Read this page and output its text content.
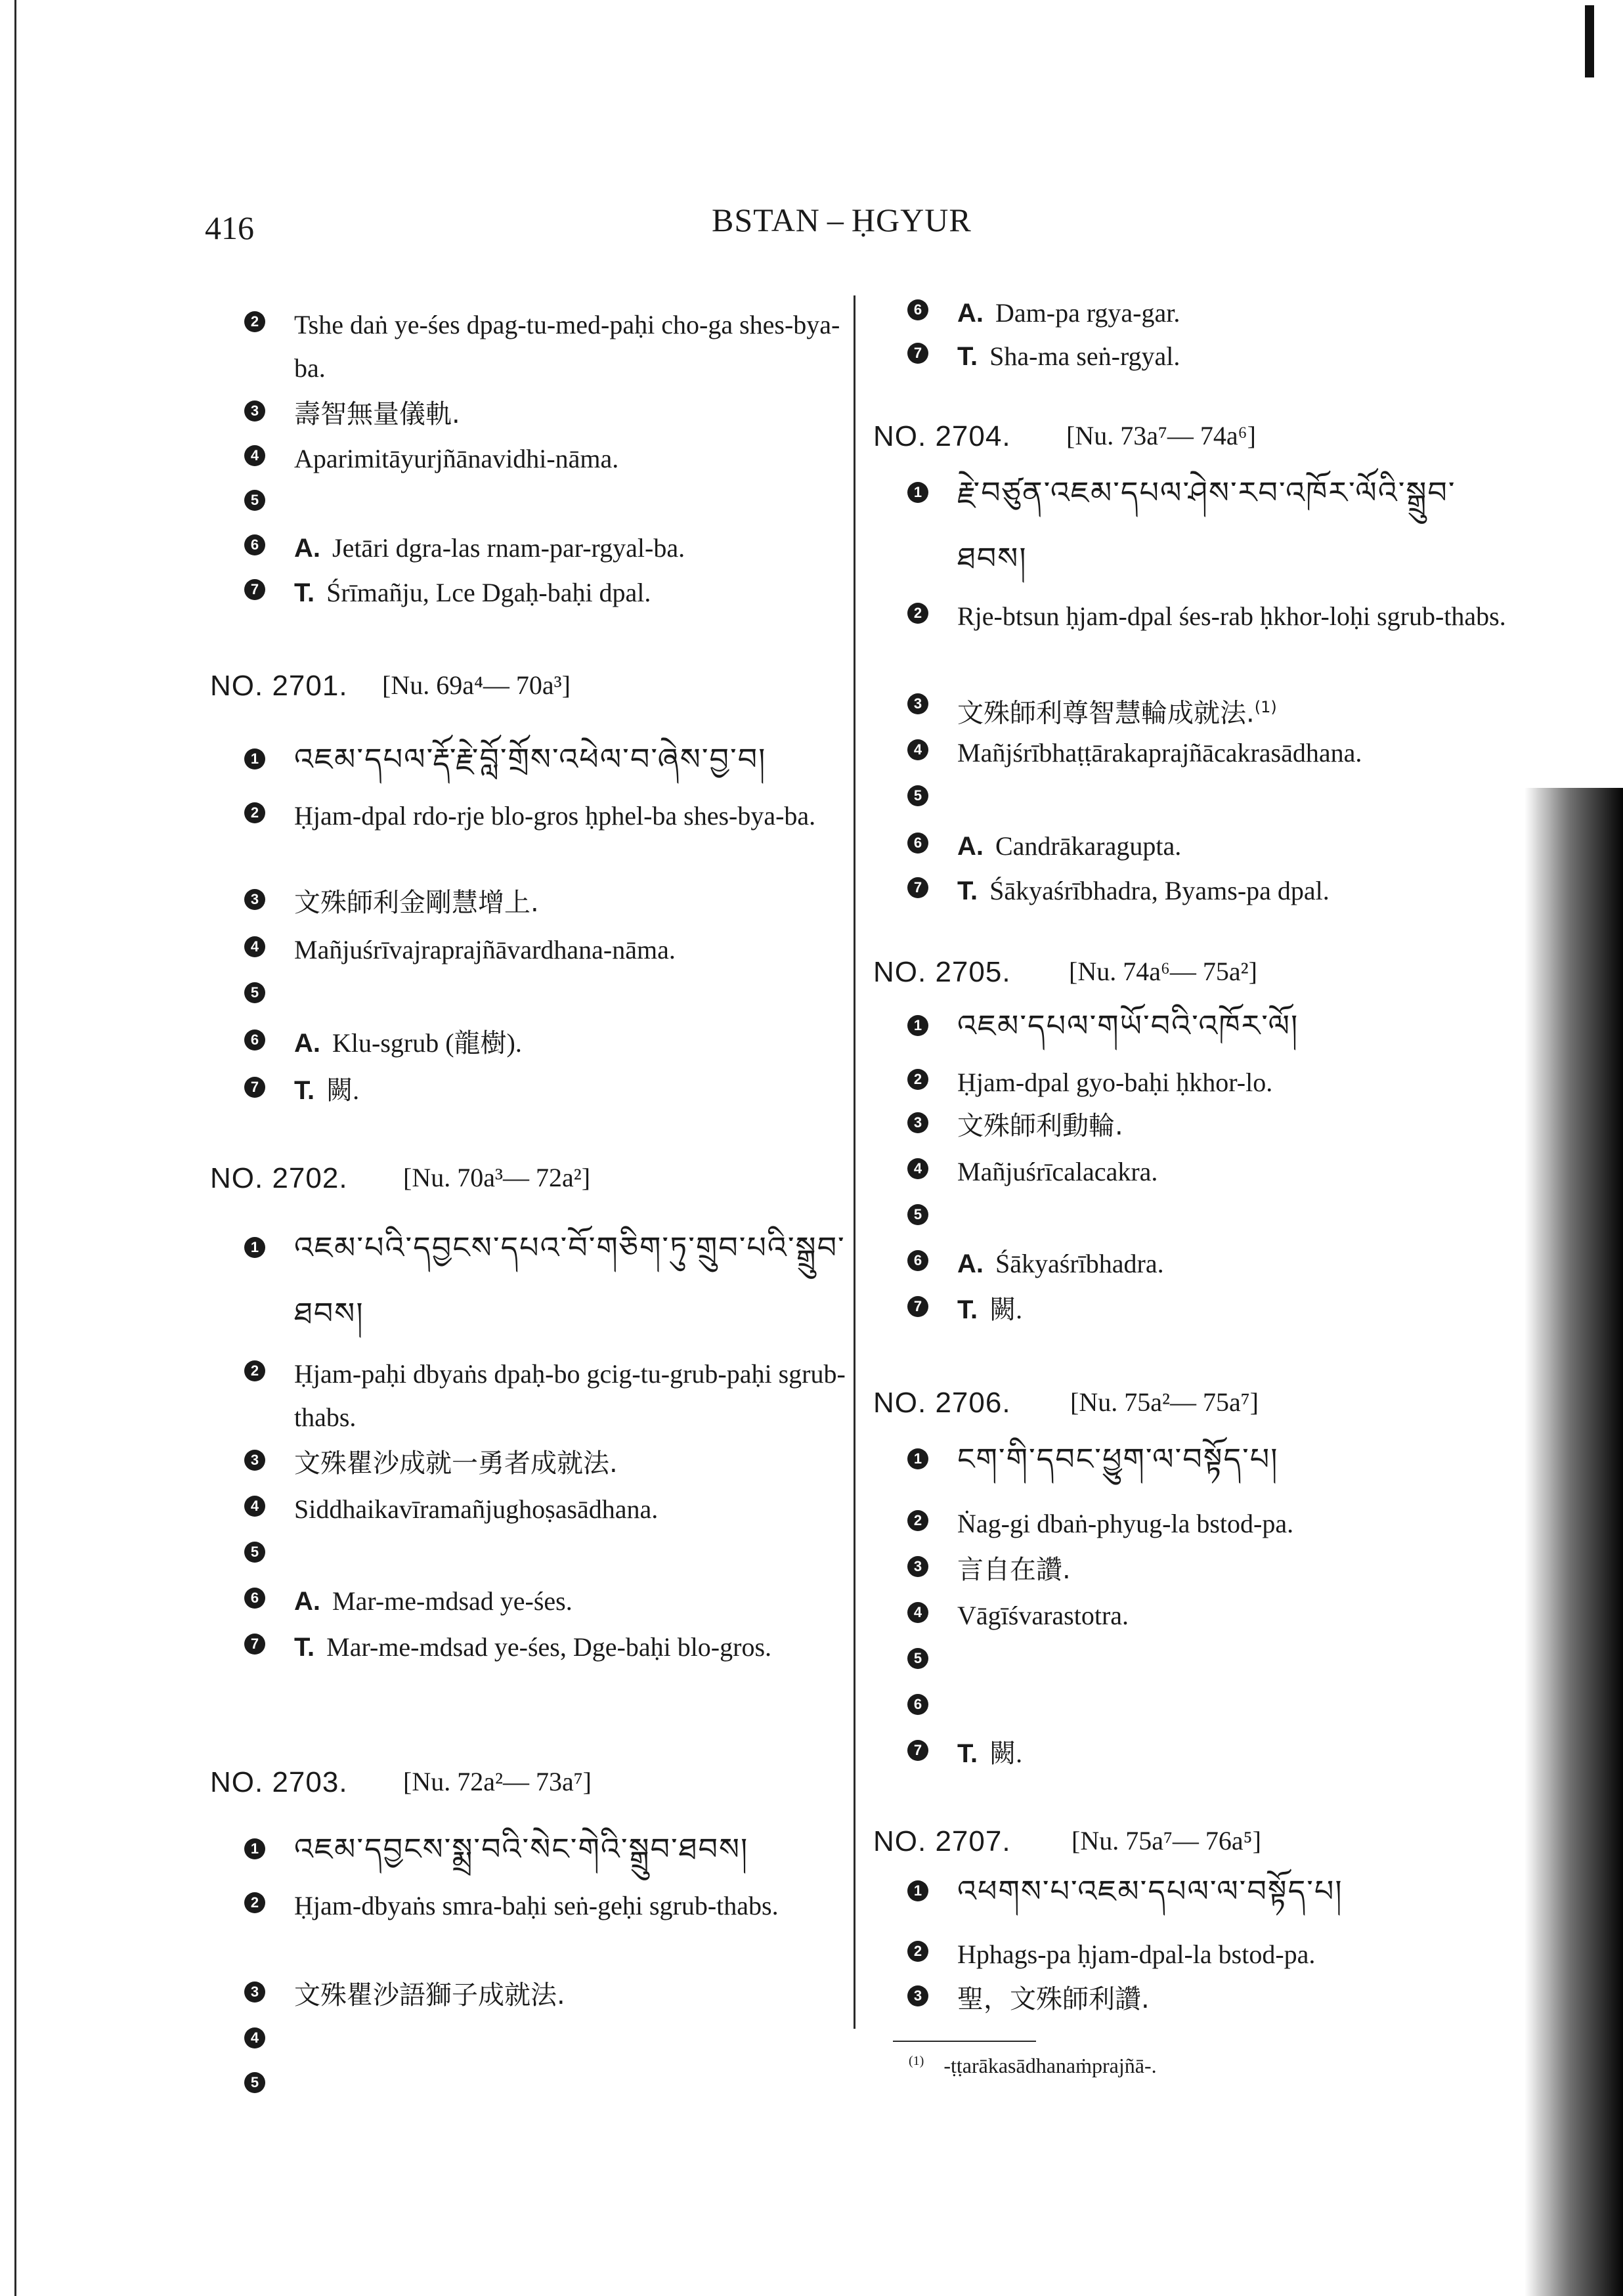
416	BSTAN – ḤGYUR
2 Tshe daṅ ye-śes dpag-tu-med-paḥi cho-ga shes-bya-ba.
3 壽智無量儀軌.
4 Aparimitāyurjñānavidhi-nāma.
5
6 A. Jetāri dgra-las rnam-par-rgyal-ba.
7 T. Śrīmañju, Lce Dgaḥ-baḥi dpal.
NO. 2701. [Nu. 69a⁴— 70a³]
1 འཇམ་དཔལ་རྡོ་རྗེ་བློ་གྲོས་འཕེལ་བ་ཞེས་བྱ་བ།
2 Ḥjam-dpal rdo-rje blo-gros ḥphel-ba shes-bya-ba.
3 文殊師利金剛慧增上.
4 Mañjuśrīvajraprajñāvardhana-nāma.
5
6 A. Klu-sgrub (龍樹).
7 T. 闕.
NO. 2702. [Nu. 70a³— 72a²]
1 འཇམ་པའི་དབྱངས་དཔའ་བོ་གཅིག་ཏུ་གྲུབ་པའི་སྒྲུབ་ཐབས།
2 Ḥjam-paḥi dbyaṅs dpaḥ-bo gcig-tu-grub-paḥi sgrub-thabs.
3 文殊瞿沙成就一勇者成就法.
4 Siddhaikavīramañjughoṣasādhana.
5
6 A. Mar-me-mdsad ye-śes.
7 T. Mar-me-mdsad ye-śes, Dge-baḥi blo-gros.
NO. 2703. [Nu. 72a²— 73a⁷]
1 འཇམ་དབྱངས་སྨྲ་བའི་སེང་གེའི་སྒྲུབ་ཐབས།
2 Ḥjam-dbyaṅs smra-baḥi seṅ-geḥi sgrub-thabs.
3 文殊瞿沙語獅子成就法.
4
5
6 A. Dam-pa rgya-gar.
7 T. Sha-ma seṅ-rgyal.
NO. 2704. [Nu. 73a⁷— 74a⁶]
1 རྗེ་བཙུན་འཇམ་དཔལ་ཤེས་རབ་འཁོར་ལོའི་སྒྲུབ་ཐབས།
2 Rje-btsun ḥjam-dpal śes-rab ḥkhor-loḥi sgrub-thabs.
3 文殊師利尊智慧輪成就法.$^{(1)}$
4 Mañjśrībhaṭṭārakaprajñācakrasādhana.
5
6 A. Candrākaragupta.
7 T. Śākyaśrībhadra, Byams-pa dpal.
NO. 2705. [Nu. 74a⁶— 75a²]
1 འཇམ་དཔལ་གཡོ་བའི་འཁོར་ལོ།
2 Ḥjam-dpal gyo-baḥi ḥkhor-lo.
3 文殊師利動輪.
4 Mañjuśrīcalacakra.
5
6 A. Śākyaśrībhadra.
7 T. 闕.
NO. 2706. [Nu. 75a²— 75a⁷]
1 ངག་གི་དབང་ཕྱུག་ལ་བསྟོད་པ།
2 Ṅag-gi dbaṅ-phyug-la bstod-pa.
3 言自在讚.
4 Vāgīśvarastotra.
5
6
7 T. 闕.
NO. 2707. [Nu. 75a⁷— 76a⁵]
1 འཕགས་པ་འཇམ་དཔལ་ལ་བསྟོད་པ།
2 Hphags-pa ḥjam-dpal-la bstod-pa.
3 聖，文殊師利讚.
$^{(1)}$ -ṭṭarākasādhanaṁprajñā-.
